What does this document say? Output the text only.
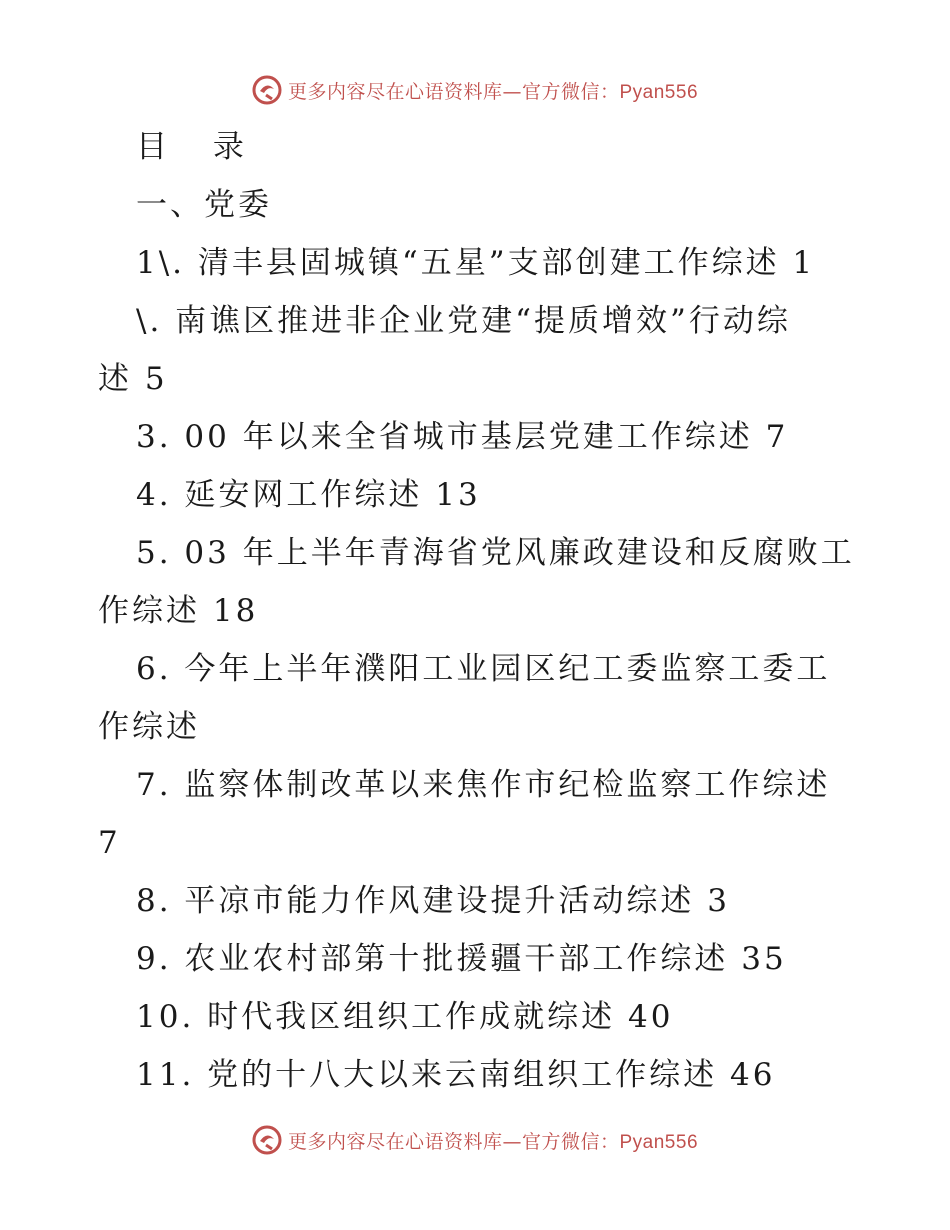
更多内容尽在心语资料库—官方微信：Pyan556
目 录
一、党委
1\. 清丰县固城镇“五星”支部创建工作综述 1
\. 南谯区推进非企业党建“提质增效”行动综
述 5
3. 00 年以来全省城市基层党建工作综述 7
4. 延安网工作综述 13
5. 03 年上半年青海省党风廉政建设和反腐败工
作综述 18
6. 今年上半年濮阳工业园区纪工委监察工委工
作综述
7. 监察体制改革以来焦作市纪检监察工作综述
7
8. 平凉市能力作风建设提升活动综述 3
9. 农业农村部第十批援疆干部工作综述 35
10. 时代我区组织工作成就综述 40
11. 党的十八大以来云南组织工作综述 46
更多内容尽在心语资料库—官方微信：Pyan556
